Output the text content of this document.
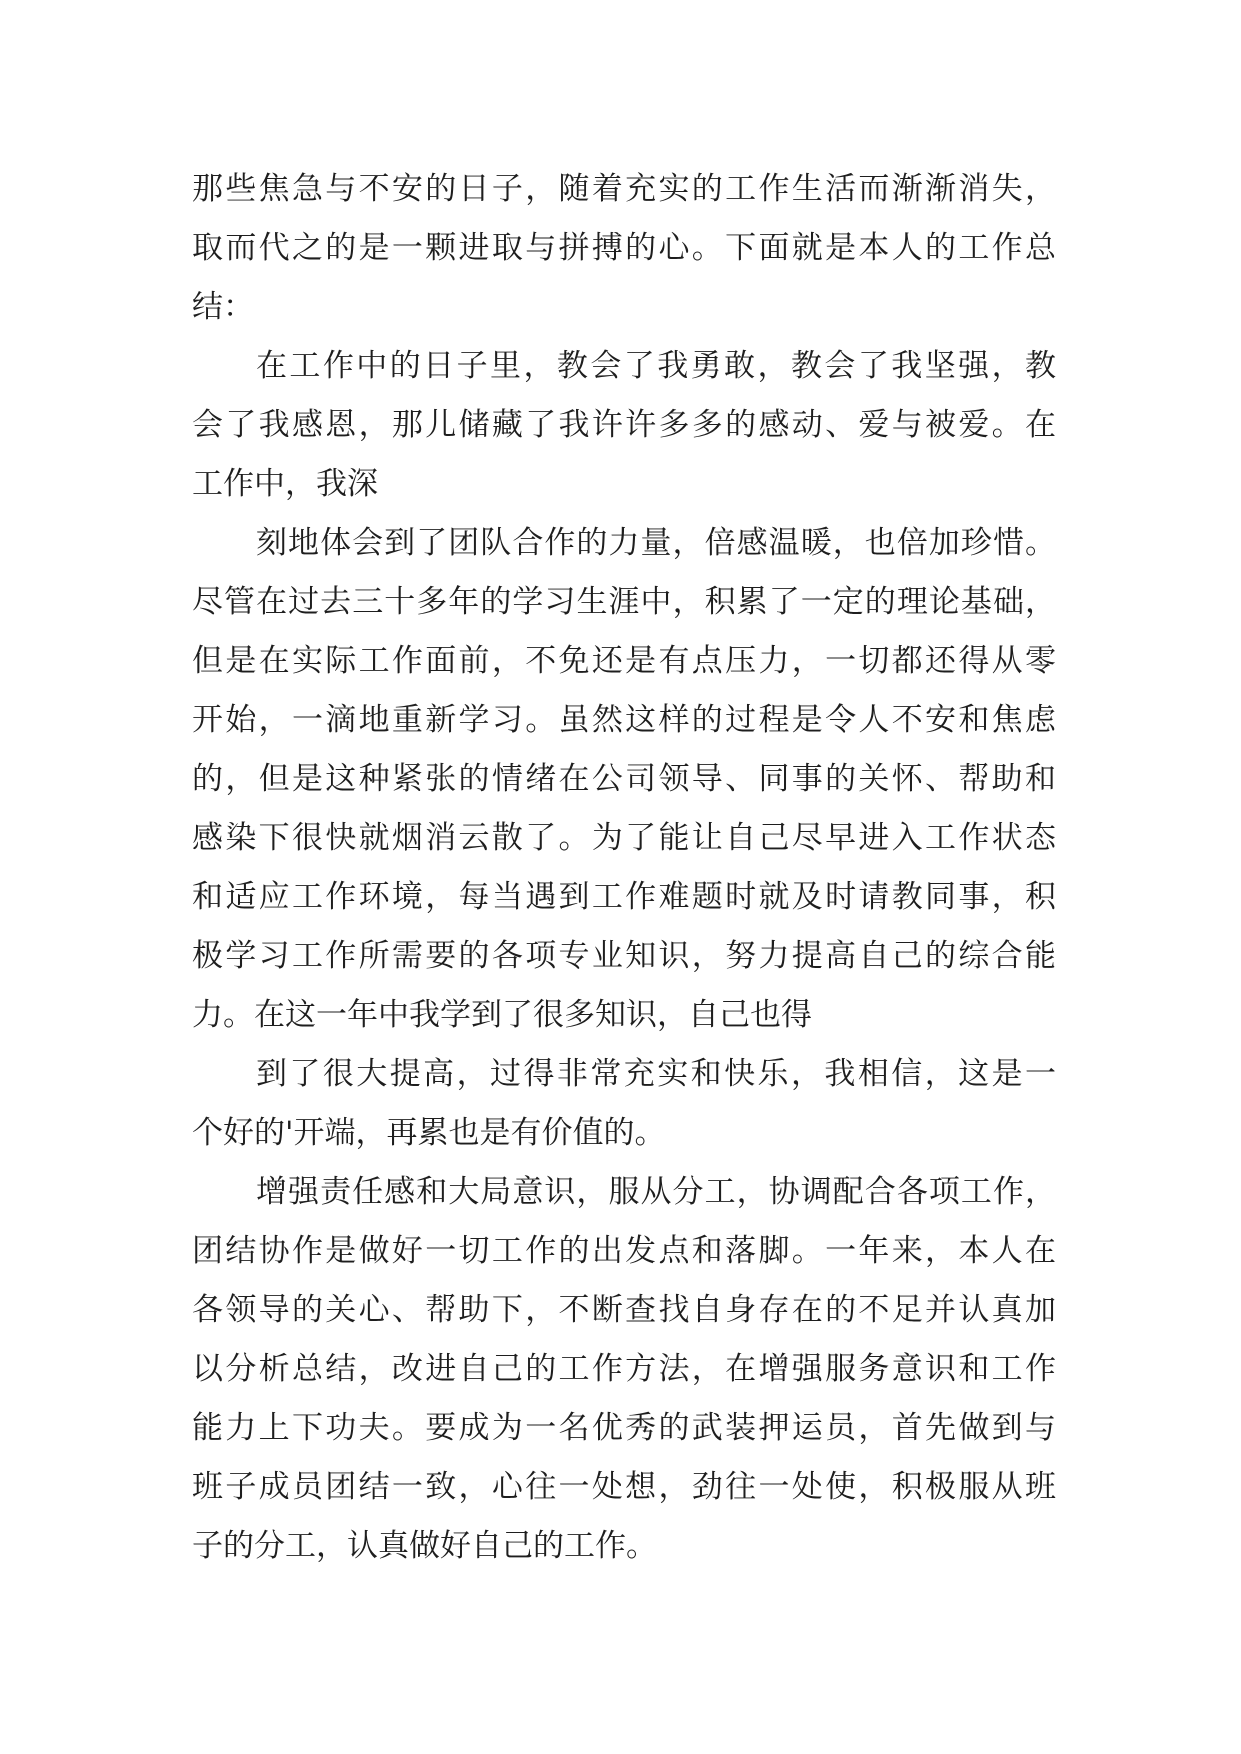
那些焦急与不安的日子，随着充实的工作生活而渐渐消失，
取而代之的是一颗进取与拼搏的心。下面就是本人的工作总
结：
在工作中的日子里，教会了我勇敢，教会了我坚强，教
会了我感恩，那儿储藏了我许许多多的感动、爱与被爱。在
工作中，我深
刻地体会到了团队合作的力量，倍感温暖，也倍加珍惜。
尽管在过去三十多年的学习生涯中，积累了一定的理论基础，
但是在实际工作面前，不免还是有点压力，一切都还得从零
开始，一滴地重新学习。虽然这样的过程是令人不安和焦虑
的，但是这种紧张的情绪在公司领导、同事的关怀、帮助和
感染下很快就烟消云散了。为了能让自己尽早进入工作状态
和适应工作环境，每当遇到工作难题时就及时请教同事，积
极学习工作所需要的各项专业知识，努力提高自己的综合能
力。在这一年中我学到了很多知识，自己也得
到了很大提高，过得非常充实和快乐，我相信，这是一
个好的'开端，再累也是有价值的。
增强责任感和大局意识，服从分工，协调配合各项工作，
团结协作是做好一切工作的出发点和落脚。一年来，本人在
各领导的关心、帮助下，不断查找自身存在的不足并认真加
以分析总结，改进自己的工作方法，在增强服务意识和工作
能力上下功夫。要成为一名优秀的武装押运员，首先做到与
班子成员团结一致，心往一处想，劲往一处使，积极服从班
子的分工，认真做好自己的工作。
